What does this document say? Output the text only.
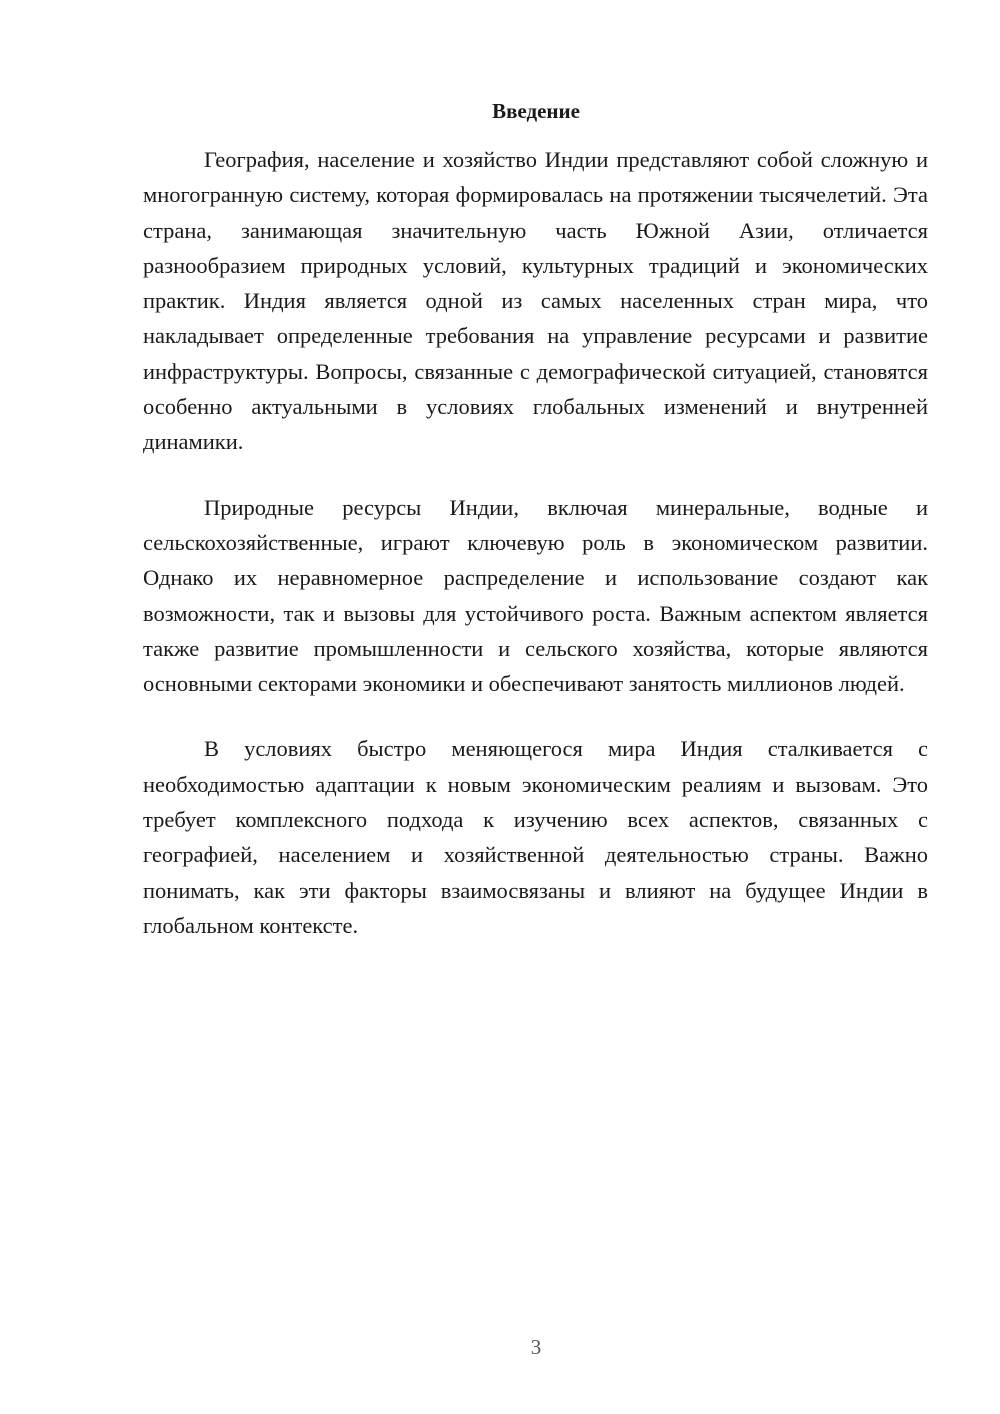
Введение

География, население и хозяйство Индии представляют собой сложную и многогранную систему, которая формировалась на протяжении тысячелетий. Эта страна, занимающая значительную часть Южной Азии, отличается разнообразием природных условий, культурных традиций и экономических практик. Индия является одной из самых населенных стран мира, что накладывает определенные требования на управление ресурсами и развитие инфраструктуры. Вопросы, связанные с демографической ситуацией, становятся особенно актуальными в условиях глобальных изменений и внутренней динамики.

Природные ресурсы Индии, включая минеральные, водные и сельскохозяйственные, играют ключевую роль в экономическом развитии. Однако их неравномерное распределение и использование создают как возможности, так и вызовы для устойчивого роста. Важным аспектом является также развитие промышленности и сельского хозяйства, которые являются основными секторами экономики и обеспечивают занятость миллионов людей.

В условиях быстро меняющегося мира Индия сталкивается с необходимостью адаптации к новым экономическим реалиям и вызовам. Это требует комплексного подхода к изучению всех аспектов, связанных с географией, населением и хозяйственной деятельностью страны. Важно понимать, как эти факторы взаимосвязаны и влияют на будущее Индии в глобальном контексте.

3
